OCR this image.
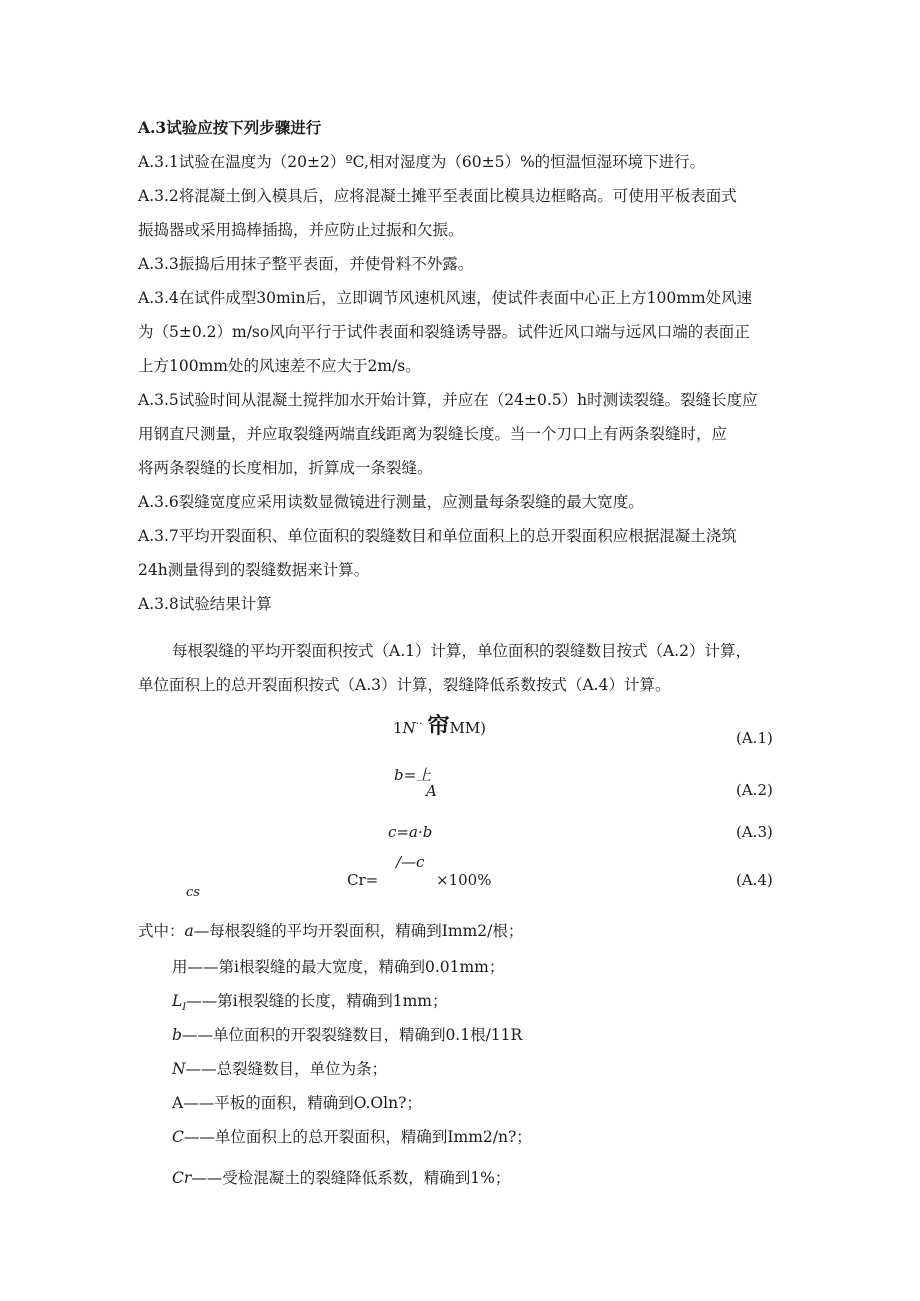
A.3试验应按下列步骤进行
A.3.1试验在温度为（20±2）ºC,相对湿度为（60±5）%的恒温恒湿环境下进行。
A.3.2将混凝土倒入模具后，应将混凝土摊平至表面比模具边框略高。可使用平板表面式
振捣器或采用捣棒插捣，并应防止过振和欠振。
A.3.3振捣后用抹子整平表面，并使骨料不外露。
A.3.4在试件成型30min后，立即调节风速机风速，使试件表面中心正上方100mm处风速
为（5±0.2）m/so风向平行于试件表面和裂缝诱导器。试件近风口端与远风口端的表面正
上方100mm处的风速差不应大于2m/s。
A.3.5试验时间从混凝土搅拌加水开始计算，并应在（24±0.5）h时测读裂缝。裂缝长度应
用钢直尺测量，并应取裂缝两端直线距离为裂缝长度。当一个刀口上有两条裂缝时，应
将两条裂缝的长度相加，折算成一条裂缝。
A.3.6裂缝宽度应采用读数显微镜进行测量，应测量每条裂缝的最大宽度。
A.3.7平均开裂面积、单位面积的裂缝数目和单位面积上的总开裂面积应根据混凝土浇筑
24h测量得到的裂缝数据来计算。
A.3.8试验结果计算
每根裂缝的平均开裂面积按式（A.1）计算，单位面积的裂缝数目按式（A.2）计算，
单位面积上的总开裂面积按式（A.3）计算，裂缝降低系数按式（A.4）计算。
1N·· 帘MM)
(A.1)
b=上
A	(A.2)
c=a·b	(A.3)
/—c
Cr=	×100%
cs
(A.4)
式中：a—每根裂缝的平均开裂面积，精确到Imm2/根；
用——第i根裂缝的最大宽度，精确到0.01mm；
$L_I——$第i根裂缝的长度，精确到1mm；
b——单位面积的开裂裂缝数目，精确到0.1根/11R
N——总裂缝数目，单位为条；
A——平板的面积，精确到O.Oln?；
C——单位面积上的总开裂面积，精确到Imm2/n?；
Cr——受检混凝土的裂缝降低系数，精确到1%；
